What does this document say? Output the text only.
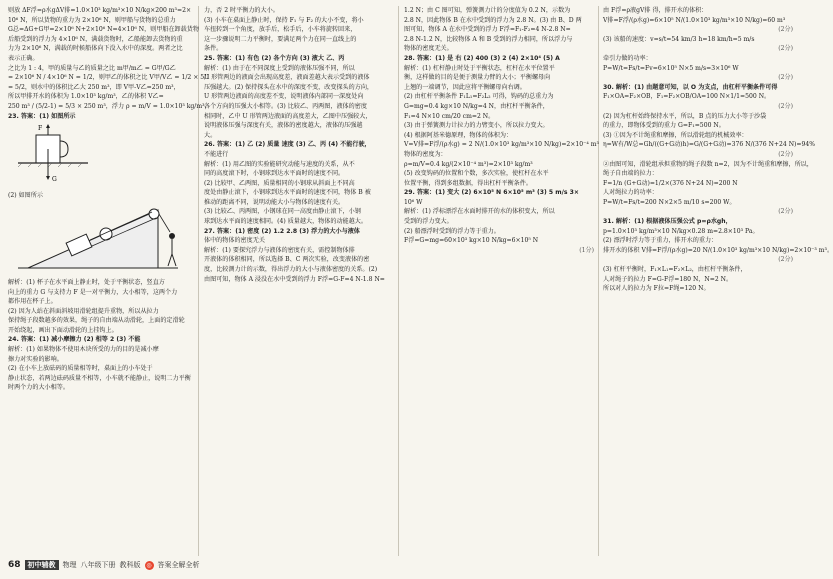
则放 ΔF浮=ρ水gΔV排=1.0×10³ kg/m³×10 N/kg×200 m³=2×

10⁶ N，所以货物的重力为 2×10⁶ N，则甲船与货物的总重力

G总=ΔG+G甲=2×10⁶ N+2×10⁶ N=4×10⁶ N，则甲船在卸载货物

后船受到的浮力为 4×10⁶ N，满载货物时，乙船能卸去货物的重

力为 2×10⁶ N，满载的时候船体向下没入水中的深度。两者之比

表示正确。

之比为 1 : 4，甲的质量与乙的质量之比 m甲/m乙 = G甲/G乙

= 2×10⁶ N / 4×10⁶ N = 1/2，则甲乙的体积之比 V甲/V乙 = 1/2 × 5/1

= 5/2，则水中的体积比乙大 250 m³，即 V甲-V乙=250 m³，

所以甲排开水的体积为 1.0×10³ kg/m³，乙的体积 V乙=

250 m³ / (5/2-1) = 5/3 × 250 m³，浮力 ρ = m/V = 1.0×10³ kg/m³，

23. 答案：(1) 如图所示

F
G

(2) 如图所示

解析：(1) 杯子在水平面上静止时，处于平衡状态，竖直方

向上的重力 G 与支持力 F 是一对平衡力，大小相等，这两个力

都作用在杯子上。

(2) 因为人站在斜面斜坡用滑轮组提升重物，所以从拉力

保持绳子段数越多的效果，绳子的自由端从动滑轮，上面的定滑轮

开始绕起，画出下面动滑轮的上挂钩上。

24. 答案：(1) 减小摩擦力 (2) 相等 2 (3) 不能

解析：(1) 如果物体不使用木块所受的力的目的是减小摩

擦力对实验的影响。

(2) 在小车上放砝码的质量相等时，桌面上的小车处于

静止状态，若两边砝码质量不相等，小车就不能静止，说明二力平衡

时两个力的大小相等。

力，否 2 时平衡力的大小。

(3) 小车在桌面上静止时，保持 F₁ 与 F₂ 的大小不变，将小

车扭转到一个角度，放手后，松手后，小车将旋转回来，

这一步骤说明二力平衡时，要满足两个力在同一直线上的

条件。

25. 答案：(1) 有色 (2) 各个方向 (3) 液大 乙、丙

解析：(1) 由于在不同深度上受到的液体压强不同，所以

U 形管两边的液面会出现高度差，液面差越大表示受到的液体

压强越大。(2) 保持探头在水中的深度不变，改变探头的方向，

U 形管两边液面的高度差不变，说明液体内部同一深度处向

各个方向的压强大小相等。(3) 比较乙、丙两图，液体的密度

相同时，乙中 U 形管两边液面的高度差大，乙图中压强较大，

说明液体压强与深度有关，液体的密度越大，液体的压强越

大。

26. 答案：(1) 乙 (2) 质量 速度 (3) 乙、丙 (4) 不能行驶，

不能进行

解析：(1) 用乙图的实验能研究动能与速度的关系，从不

同的高度滚下时，小钢球到达水平面时的速度不同。

(2) 比较甲、乙两图，质量相同的小钢球从斜面上不同高

度处由静止滚下，小钢球到达水平面时的速度不同，物体 B 被

推动的距离不同，说明动能大小与物体的速度有关。

(3) 比较乙、丙两图，小钢球在同一高度由静止滚下，小钢

球到达水平面的速度相同。(4) 质量越大，物体的动能越大。

27. 答案：(1) 密度 (2) 1.2 2.8 (3) 浮力的大小与液体

体中的物体的密度无关

解析：(1) 要探究浮力与液体的密度有关，需控制物体排

开液体的体积相同，所以选择 B、C 两次实验，改变液体的密

度，比较测力计的示数，得出浮力的大小与液体密度的关系。(2)

由图可知，物体 A 浸没在水中受到的浮力 F浮=G-F=4 N-1.8 N=

1.2 N；由 C 图可知，弹簧测力计的分度值为 0.2 N，示数为

2.8 N，因此物体 B 在水中受到的浮力为 2.8 N。(3) 由 B、D 两

图可知，物体 A 在水中受到的浮力 F浮=F₁-F₂=4 N-2.8 N=

2.8 N-1.2 N，比较物体 A 和 B 受到的浮力相同，所以浮力与

物体的密度无关。

28. 答案：(1) 是 右 (2) 400 (3) 2 (4) 2×10⁴ (5) A

解析：(1) 杠杆静止时处于平衡状态，杠杆在水平位置平

衡，这样做的目的是便于测量力臂的大小；平衡螺母向

上翘的一端调节，因此应将平衡螺母向右调。

(2) 由杠杆平衡条件 F₁L₁=F₂L₂ 可得，钩码的总重力为

G=mg=0.4 kg×10 N/kg=4 N，由杠杆平衡条件，

F₁=4 N×10 cm/20 cm=2 N。

(3) 由于弹簧测力计拉力的力臂变小，所以拉力变大。

(4) 根据阿基米德原理，物体的体积为：

V=V排=F浮/(ρ水g) = 2 N/(1.0×10³ kg/m³×10 N/kg)=2×10⁻⁴ m³

物体的密度为：

ρ=m/V=0.4 kg/(2×10⁻⁴ m³)=2×10³ kg/m³

(5) 改变钩码的位置和个数，多次实验，使杠杆在水平

位置平衡，得到多组数据，得出杠杆平衡条件。

29. 答案：(1) 变大 (2) 6×10⁵ N 6×10⁵ m³ (3) 5 m/s 3×

10⁶ W

解析：(1) 浮标漂浮在水面时排开的水的体积变大，所以

受到的浮力变大。

(2) 船漂浮时受到的浮力等于重力。

F浮=G=mg=60×10³ kg×10 N/kg=6×10⁵ N

(1分)

由 F浮=ρ液gV排 得，排开水的体积：

V排=F浮/(ρ水g)=6×10⁵ N/(1.0×10³ kg/m³×10 N/kg)=60 m³

(2分)

(3) 该船的速度：v=s/t=54 km/3 h=18 km/h=5 m/s

(2分)

牵引力做的功率：

P=W/t=Fs/t=Fv=6×10⁵ N×5 m/s=3×10⁶ W

(2分)

30. 解析：(1) 由题意可知，以 O 为支点，由杠杆平衡条件可得

F₁×OA=F₂×OB，F₁=F₂×OB/OA=100 N×1/1=500 N。

(2分)

(2) 因为杠杆始终保持水平，所以，B 点的压力大小等于沙袋

的重力，即物体受到的重力 G=F₁=500 N。

(3) ①因为不计绳重和摩擦，所以滑轮组的机械效率：

η=W有/W总=Gh/((G+G动)h)=G/(G+G动)=376 N/(376 N+24 N)=94%

(2分)

②由图可知，滑轮组承担重物的绳子段数 n=2，因为不计绳重和摩擦，所以，

绳子自由端的拉力：

F=1/n (G+G动)=1/2×(376 N+24 N)=200 N

人对绳拉力的功率：

P=W/t=Fs/t=200 N×2×5 m/10 s=200 W。

(2分)

31. 解析：(1) 根据液体压强公式 p=ρ水gh，

p=1.0×10³ kg/m³×10 N/kg×0.28 m=2.8×10³ Pa。

(2) 漂浮时浮力等于重力，排开水的重力：

排开水的体积 V排=F浮/(ρ水g)=20 N/(1.0×10³ kg/m³×10 N/kg)=2×10⁻³ m³。

(2分)

(3) 杠杆平衡时，F₁×L₁=F₂×L₂，由杠杆平衡条件，

人对绳子的拉力 F=G-F浮=180 N，N=2 N。

所以对人的拉力为 F拉=F绳=120 N。

68	初中辅教	物理 八年级下册 教科版 ◎ 答案全解全析
